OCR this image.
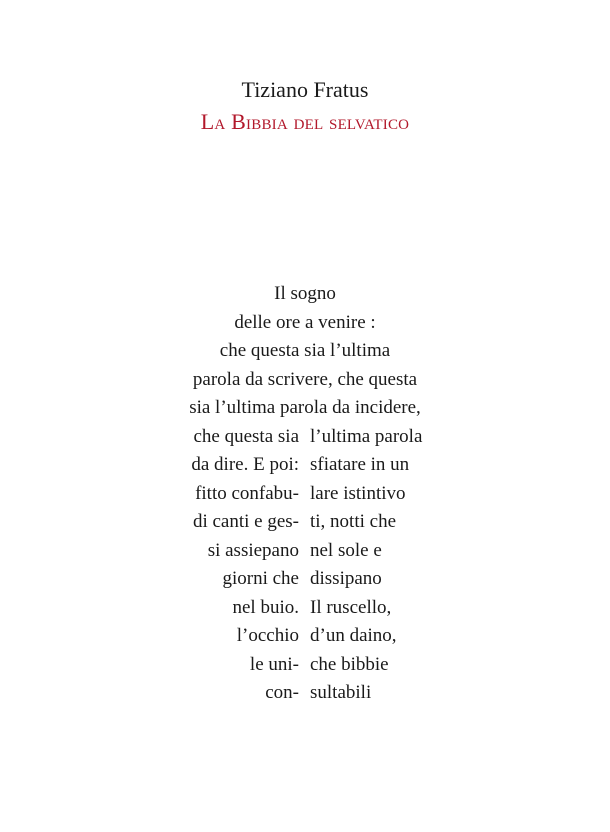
Tiziano Fratus
La Bibbia del selvatico
Il sogno
delle ore a venire :
che questa sia l’ultima
parola da scrivere, che questa
sia l’ultima parola da incidere,
che questa sia l’ultima parola
da dire. E poi: sfiatare in un
fitto confabu- lare istintivo
di canti e ges- ti, notti che
si assiepano nel sole e
giorni che dissipano
nel buio. Il ruscello,
l’occhio d’un daino,
le uni- che bibbie
con- sultabili
